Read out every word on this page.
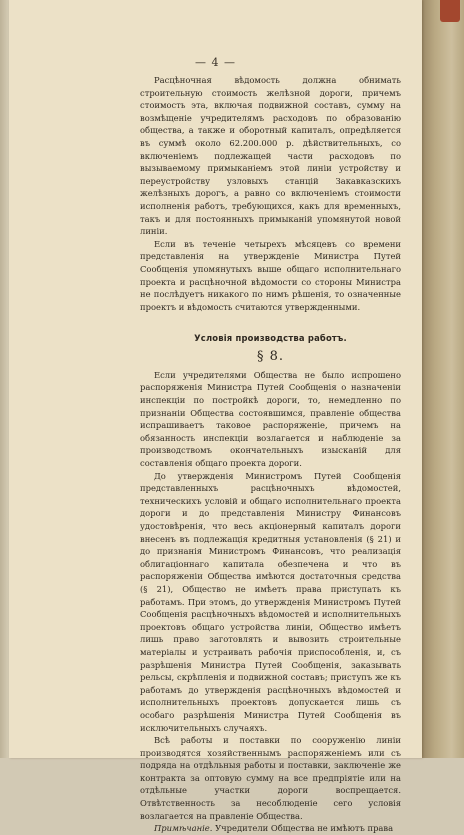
— 4 —

Расцѣночная вѣдомость должна обнимать строительную стоимость желѣзной дороги, причемъ стоимость эта, включая подвижной составъ, сумму на возмѣщеніе учредителямъ расходовъ по образованію общества, а также и оборотный капиталъ, опредѣляется въ суммѣ около 62.200.000 р. дѣйствительныхъ, со включеніемъ подлежащей части расходовъ по вызываемому примыканіемъ этой линіи устройству и переустройству узловыхъ станцій Закавказскихъ желѣзныхъ дорогъ, а равно со включеніемъ стоимости исполненія работъ, требующихся, какъ для временныхъ, такъ и для постоянныхъ примыканій упомянутой новой линіи.

Если въ теченіе четырехъ мѣсяцевъ со времени представленія на утвержденіе Министра Путей Сообщенія упомянутыхъ выше общаго исполнительнаго проекта и расцѣночной вѣдомости со стороны Министра не послѣдуетъ никакого по нимъ рѣшенія, то означенные проектъ и вѣдомость считаются утвержденными.

Условія производства работъ.
§ 8.

Если учредителями Общества не было испрошено распоряженія Министра Путей Сообщенія о назначеніи инспекціи по постройкѣ дороги, то, немедленно по признаніи Общества состоявшимся, правленіе общества испрашиваетъ таковое распоряженіе, причемъ на обязанность инспекціи возлагается и наблюденіе за производствомъ окончательныхъ изысканій для составленія общаго проекта дороги.

До утвержденія Министромъ Путей Сообщенія представленныхъ расцѣночныхъ вѣдомостей, техническихъ условій и общаго исполнительнаго проекта дороги и до представленія Министру Финансовъ удостовѣренія, что весь акціонерный капиталъ дороги внесенъ въ подлежащія кредитныя установленія (§ 21) и до признанія Министромъ Финансовъ, что реализація облигаціоннаго капитала обезпечена и что въ распоряженіи Общества имѣются достаточныя средства (§ 21), Общество не имѣетъ права приступать къ работамъ. При этомъ, до утвержденія Министромъ Путей Сообщенія расцѣночныхъ вѣдомостей и исполнительныхъ проектовъ общаго устройства линіи, Общество имѣетъ лишь право заготовлять и вывозить строительные матеріалы и устраивать рабочія приспособленія, и, съ разрѣшенія Министра Путей Сообщенія, заказывать рельсы, скрѣпленія и подвижной составъ; приступъ же къ работамъ до утвержденія расцѣночныхъ вѣдомостей и исполнительныхъ проектовъ допускается лишь съ особаго разрѣшенія Министра Путей Сообщенія въ исключительныхъ случаяхъ.

Всѣ работы и поставки по сооруженію линіи производятся хозяйственнымъ распоряженіемъ или съ подряда на отдѣльныя работы и поставки, заключеніе же контракта за оптовую сумму на все предпріятіе или на отдѣльные участки дороги воспрещается. Отвѣтственность за несоблюденіе сего условія возлагается на правленіе Общества.

Примѣчаніе. Учредители Общества не имѣютъ права
